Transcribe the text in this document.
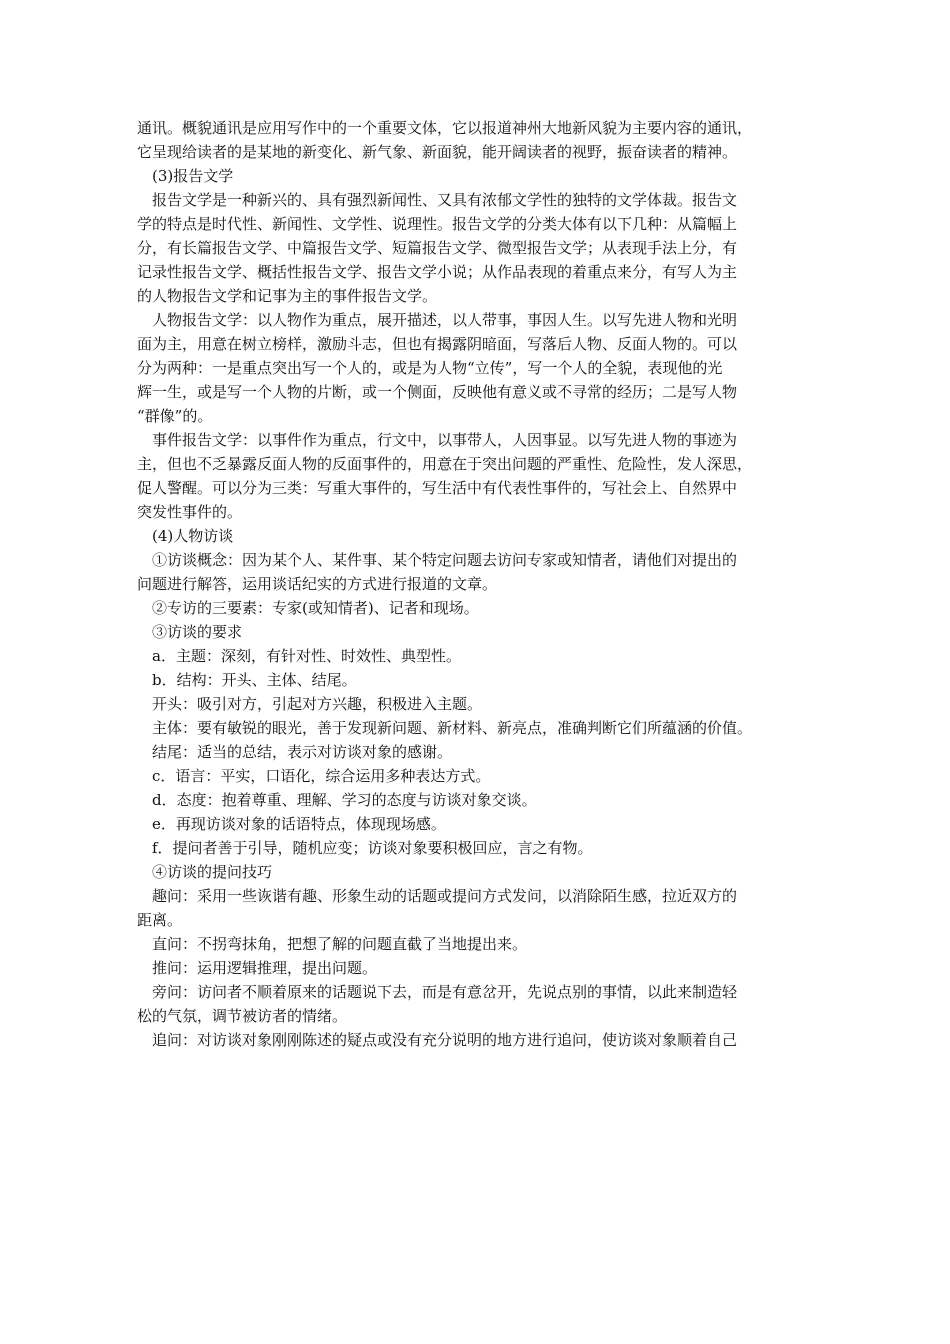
通讯。概貌通讯是应用写作中的一个重要文体，它以报道神州大地新风貌为主要内容的通讯，
它呈现给读者的是某地的新变化、新气象、新面貌，能开阔读者的视野，振奋读者的精神。
　(3)报告文学
　报告文学是一种新兴的、具有强烈新闻性、又具有浓郁文学性的独特的文学体裁。报告文
学的特点是时代性、新闻性、文学性、说理性。报告文学的分类大体有以下几种：从篇幅上
分，有长篇报告文学、中篇报告文学、短篇报告文学、微型报告文学；从表现手法上分，有
记录性报告文学、概括性报告文学、报告文学小说；从作品表现的着重点来分，有写人为主
的人物报告文学和记事为主的事件报告文学。
　人物报告文学：以人物作为重点，展开描述，以人带事，事因人生。以写先进人物和光明
面为主，用意在树立榜样，激励斗志，但也有揭露阴暗面，写落后人物、反面人物的。可以
分为两种：一是重点突出写一个人的，或是为人物“立传”，写一个人的全貌，表现他的光
辉一生，或是写一个人物的片断，或一个侧面，反映他有意义或不寻常的经历；二是写人物
“群像”的。
　事件报告文学：以事件作为重点，行文中，以事带人，人因事显。以写先进人物的事迹为
主，但也不乏暴露反面人物的反面事件的，用意在于突出问题的严重性、危险性，发人深思，
促人警醒。可以分为三类：写重大事件的，写生活中有代表性事件的，写社会上、自然界中
突发性事件的。
　(4)人物访谈
　①访谈概念：因为某个人、某件事、某个特定问题去访问专家或知情者，请他们对提出的
问题进行解答，运用谈话纪实的方式进行报道的文章。
　②专访的三要素：专家(或知情者)、记者和现场。
　③访谈的要求
　a．主题：深刻，有针对性、时效性、典型性。
　b．结构：开头、主体、结尾。
　开头：吸引对方，引起对方兴趣，积极进入主题。
　主体：要有敏锐的眼光，善于发现新问题、新材料、新亮点，准确判断它们所蕴涵的价值。
　结尾：适当的总结，表示对访谈对象的感谢。
　c．语言：平实，口语化，综合运用多种表达方式。
　d．态度：抱着尊重、理解、学习的态度与访谈对象交谈。
　e．再现访谈对象的话语特点，体现现场感。
　f．提问者善于引导，随机应变；访谈对象要积极回应，言之有物。
　④访谈的提问技巧
　趣问：采用一些诙谐有趣、形象生动的话题或提问方式发问，以消除陌生感，拉近双方的
距离。
　直问：不拐弯抹角，把想了解的问题直截了当地提出来。
　推问：运用逻辑推理，提出问题。
　旁问：访问者不顺着原来的话题说下去，而是有意岔开，先说点别的事情，以此来制造轻
松的气氛，调节被访者的情绪。
　追问：对访谈对象刚刚陈述的疑点或没有充分说明的地方进行追问，使访谈对象顺着自己
